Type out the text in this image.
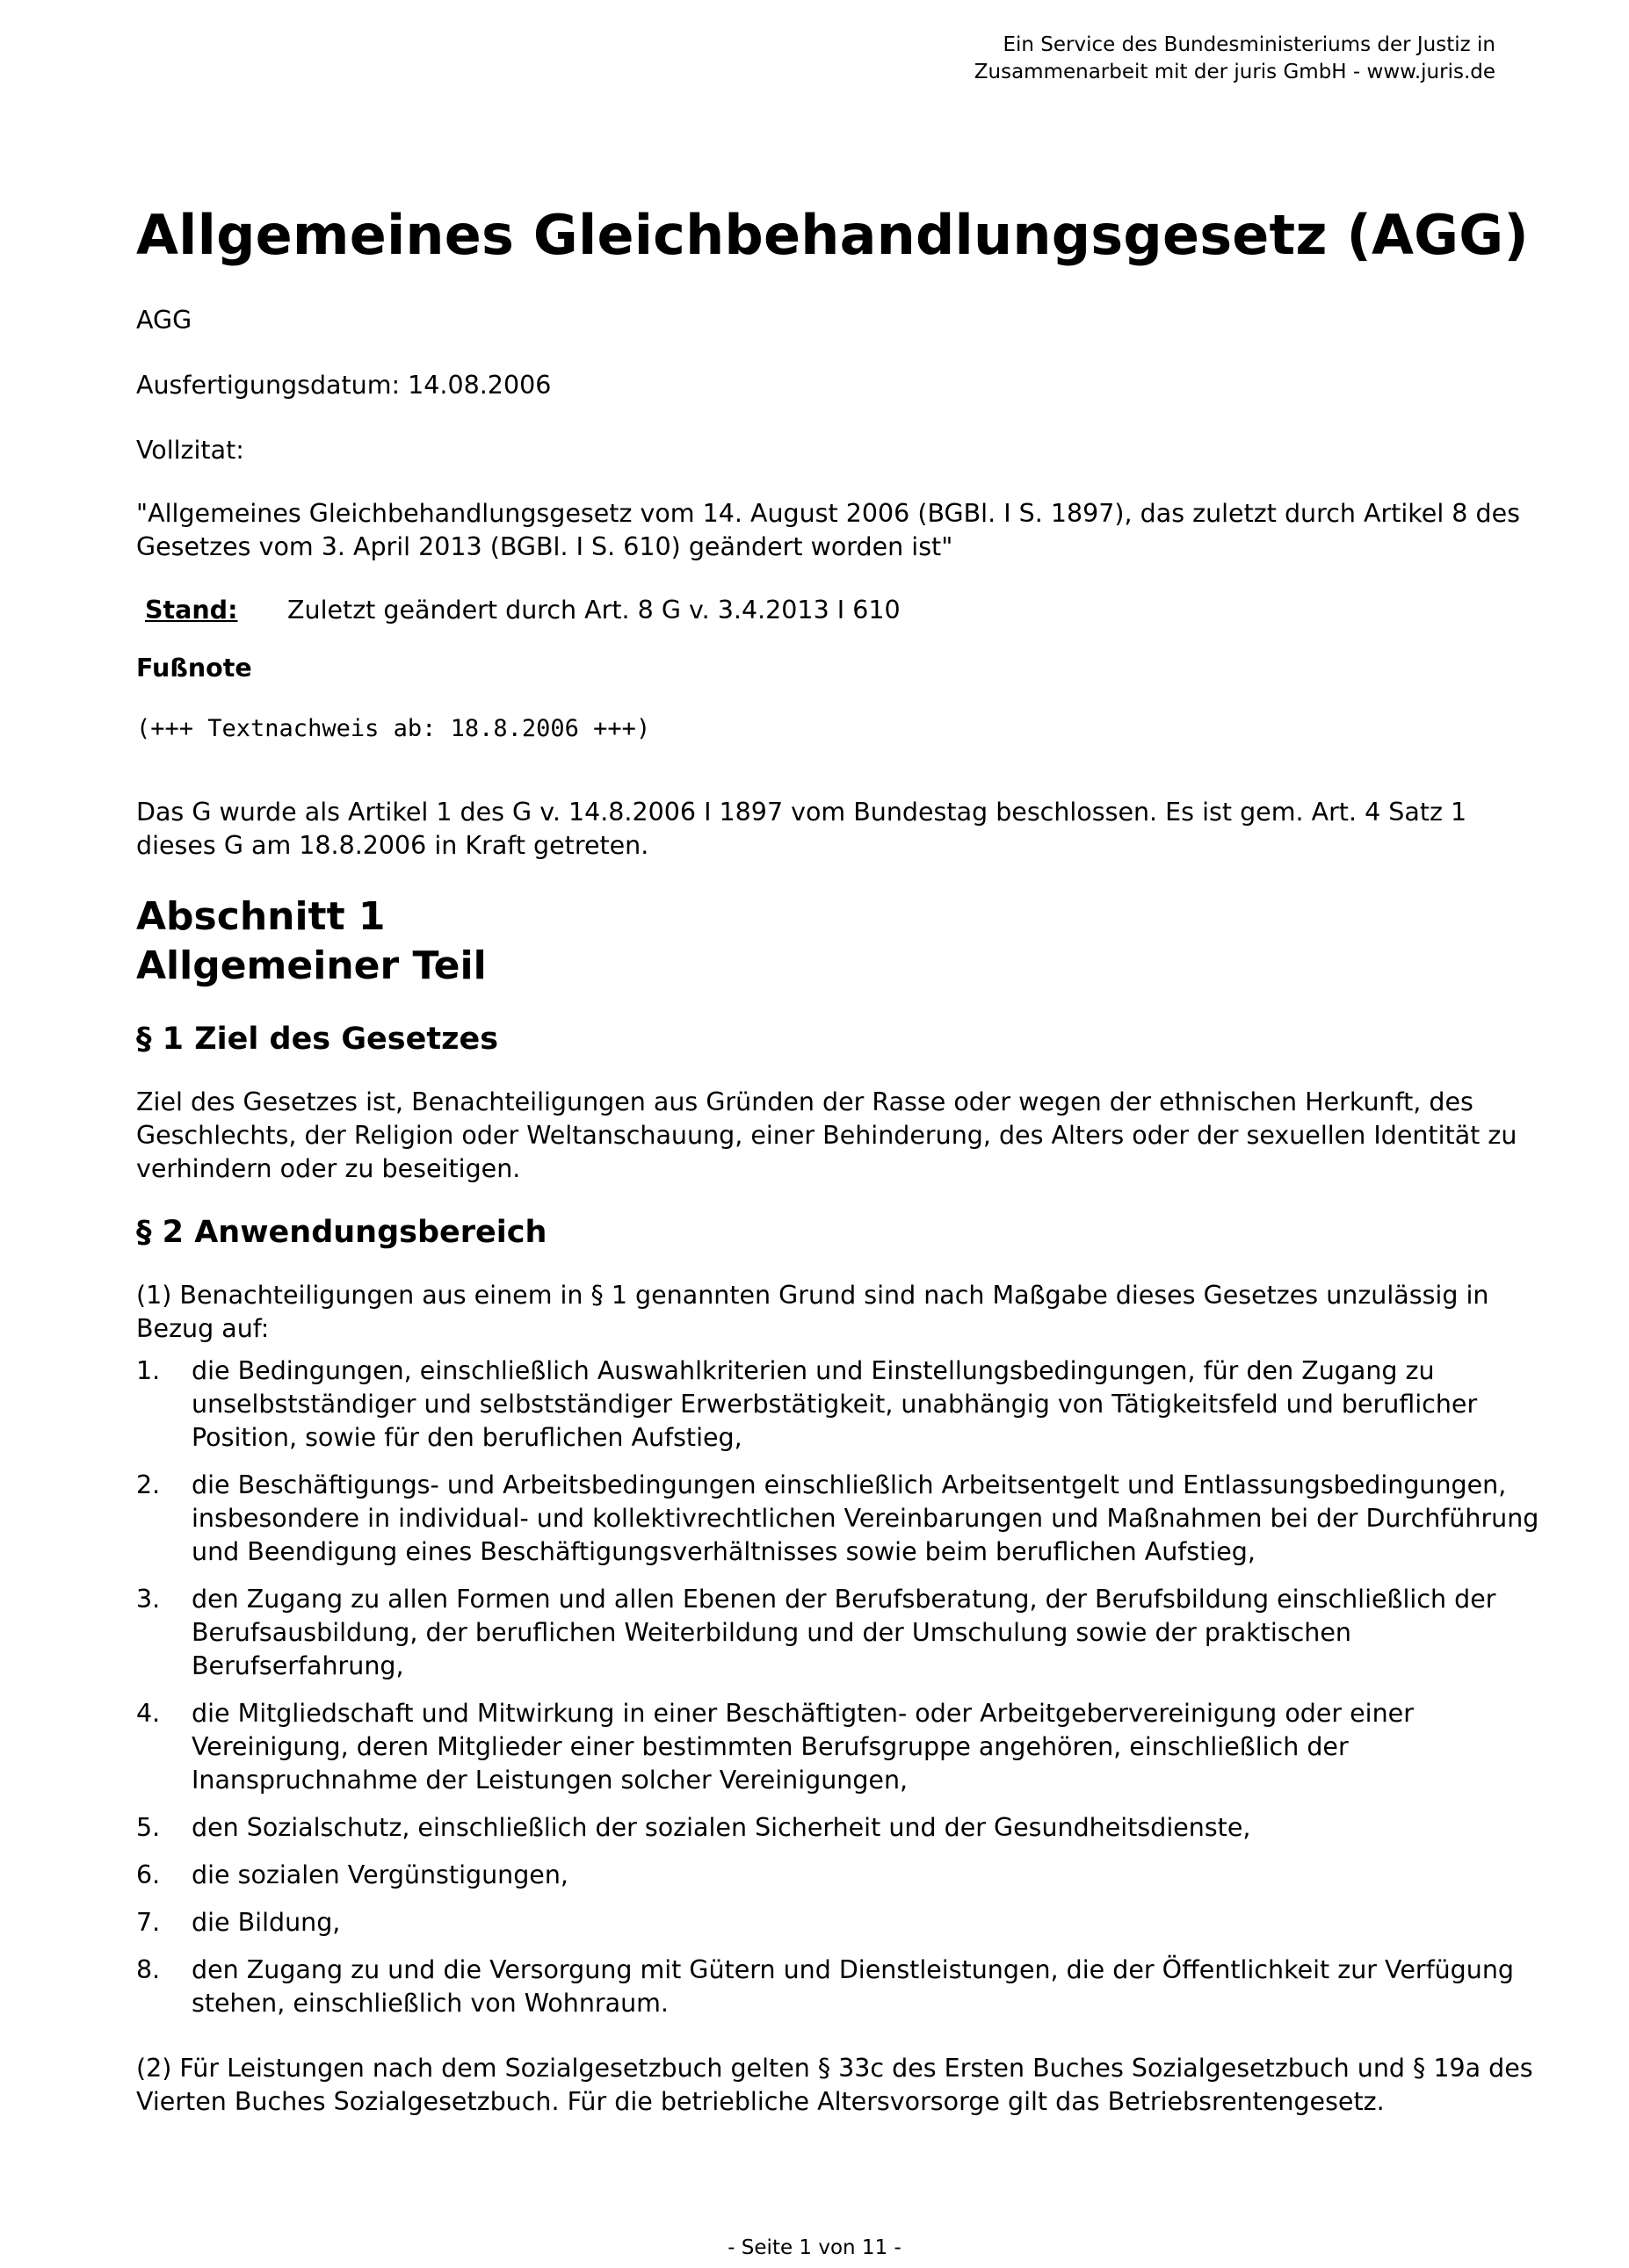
Ein Service des Bundesministeriums der Justiz in
Zusammenarbeit mit der juris GmbH - www.juris.de
Allgemeines Gleichbehandlungsgesetz (AGG)

AGG

Ausfertigungsdatum: 14.08.2006

Vollzitat:

"Allgemeines Gleichbehandlungsgesetz vom 14. August 2006 (BGBl. I S. 1897), das zuletzt durch Artikel 8 des Gesetzes vom 3. April 2013 (BGBl. I S. 610) geändert worden ist"

Stand:	Zuletzt geändert durch Art. 8 G v. 3.4.2013 I 610
Fußnote
(+++ Textnachweis ab: 18.8.2006 +++)

Das G wurde als Artikel 1 des G v. 14.8.2006 I 1897 vom Bundestag beschlossen. Es ist gem. Art. 4 Satz 1 dieses G am 18.8.2006 in Kraft getreten.

Abschnitt 1
Allgemeiner Teil
§ 1 Ziel des Gesetzes

Ziel des Gesetzes ist, Benachteiligungen aus Gründen der Rasse oder wegen der ethnischen Herkunft, des Geschlechts, der Religion oder Weltanschauung, einer Behinderung, des Alters oder der sexuellen Identität zu verhindern oder zu beseitigen.

§ 2 Anwendungsbereich

(1) Benachteiligungen aus einem in § 1 genannten Grund sind nach Maßgabe dieses Gesetzes unzulässig in Bezug auf:

1.	die Bedingungen, einschließlich Auswahlkriterien und Einstellungsbedingungen, für den Zugang zu unselbstständiger und selbstständiger Erwerbstätigkeit, unabhängig von Tätigkeitsfeld und beruflicher Position, sowie für den beruflichen Aufstieg,
2.	die Beschäftigungs- und Arbeitsbedingungen einschließlich Arbeitsentgelt und Entlassungsbedingungen, insbesondere in individual- und kollektivrechtlichen Vereinbarungen und Maßnahmen bei der Durchführung und Beendigung eines Beschäftigungsverhältnisses sowie beim beruflichen Aufstieg,
3.	den Zugang zu allen Formen und allen Ebenen der Berufsberatung, der Berufsbildung einschließlich der Berufsausbildung, der beruflichen Weiterbildung und der Umschulung sowie der praktischen Berufserfahrung,
4.	die Mitgliedschaft und Mitwirkung in einer Beschäftigten- oder Arbeitgebervereinigung oder einer Vereinigung, deren Mitglieder einer bestimmten Berufsgruppe angehören, einschließlich der Inanspruchnahme der Leistungen solcher Vereinigungen,
5.	den Sozialschutz, einschließlich der sozialen Sicherheit und der Gesundheitsdienste,
6.	die sozialen Vergünstigungen,
7.	die Bildung,
8.	den Zugang zu und die Versorgung mit Gütern und Dienstleistungen, die der Öffentlichkeit zur Verfügung stehen, einschließlich von Wohnraum.

(2) Für Leistungen nach dem Sozialgesetzbuch gelten § 33c des Ersten Buches Sozialgesetzbuch und § 19a des Vierten Buches Sozialgesetzbuch. Für die betriebliche Altersvorsorge gilt das Betriebsrentengesetz.

- Seite 1 von 11 -
